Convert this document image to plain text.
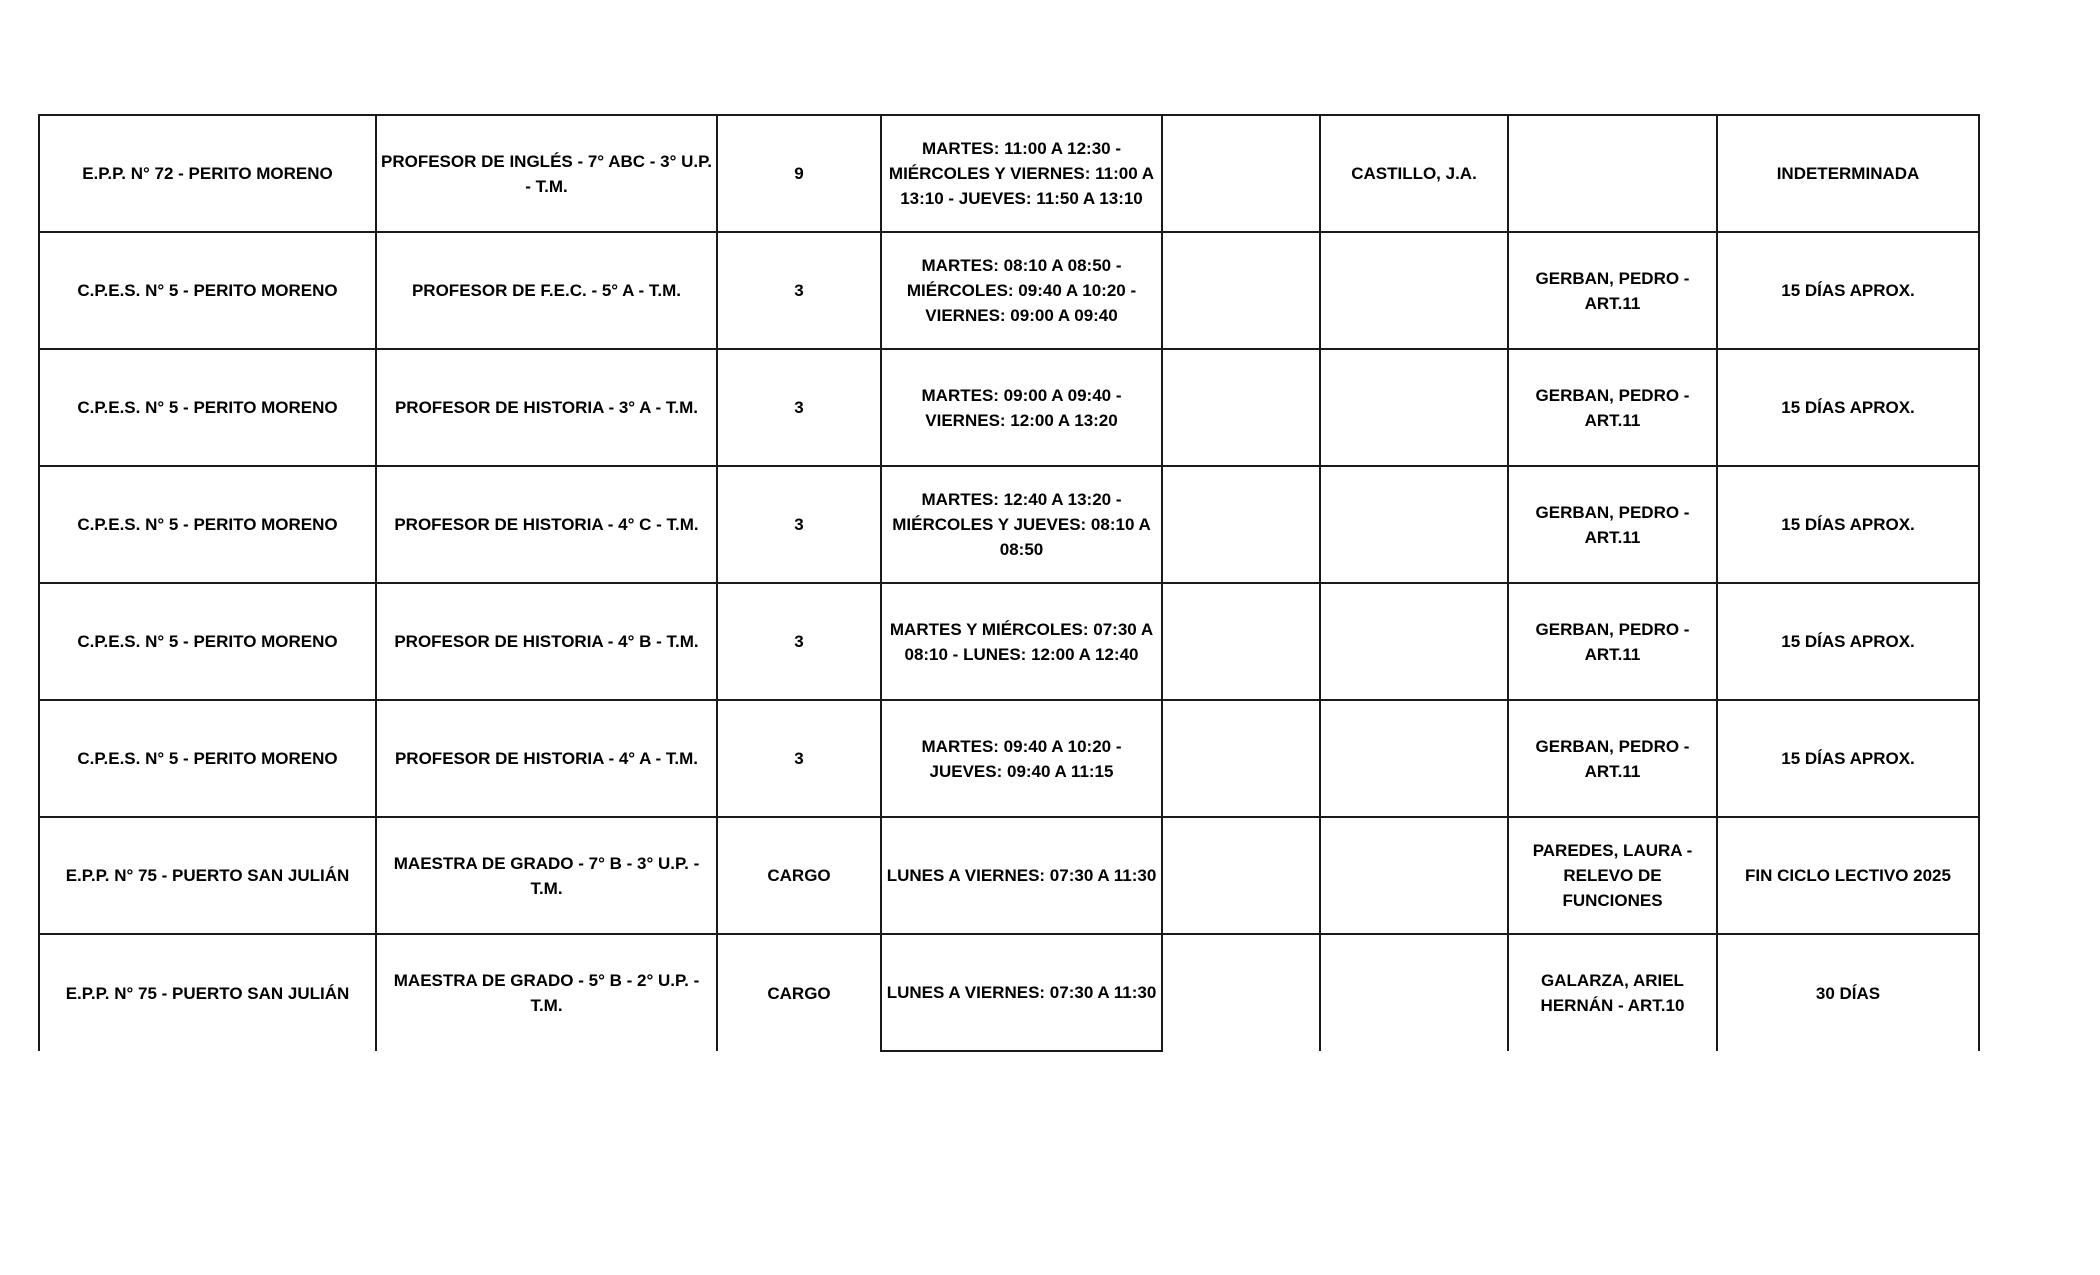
E.P.P. N° 72 - PERITO MORENO	PROFESOR DE INGLÉS - 7° ABC - 3° U.P. - T.M.	9	MARTES: 11:00 A 12:30 - MIÉRCOLES Y VIERNES: 11:00 A 13:10 - JUEVES: 11:50 A 13:10		CASTILLO, J.A.		INDETERMINADA
C.P.E.S. N° 5 - PERITO MORENO	PROFESOR DE F.E.C. - 5° A - T.M.	3	MARTES: 08:10 A 08:50 - MIÉRCOLES: 09:40 A 10:20 - VIERNES: 09:00 A 09:40			GERBAN, PEDRO - ART.11	15 DÍAS APROX.
C.P.E.S. N° 5 - PERITO MORENO	PROFESOR DE HISTORIA - 3° A - T.M.	3	MARTES: 09:00 A 09:40 - VIERNES: 12:00 A 13:20			GERBAN, PEDRO - ART.11	15 DÍAS APROX.
C.P.E.S. N° 5 - PERITO MORENO	PROFESOR DE HISTORIA - 4° C - T.M.	3	MARTES: 12:40 A 13:20 - MIÉRCOLES Y JUEVES: 08:10 A 08:50			GERBAN, PEDRO - ART.11	15 DÍAS APROX.
C.P.E.S. N° 5 - PERITO MORENO	PROFESOR DE HISTORIA - 4° B - T.M.	3	MARTES Y MIÉRCOLES: 07:30 A 08:10 - LUNES: 12:00 A 12:40			GERBAN, PEDRO - ART.11	15 DÍAS APROX.
C.P.E.S. N° 5 - PERITO MORENO	PROFESOR DE HISTORIA - 4° A - T.M.	3	MARTES: 09:40 A 10:20 - JUEVES: 09:40 A 11:15			GERBAN, PEDRO - ART.11	15 DÍAS APROX.
E.P.P. N° 75 - PUERTO SAN JULIÁN	MAESTRA DE GRADO - 7° B - 3° U.P. - T.M.	CARGO	LUNES A VIERNES: 07:30 A 11:30			PAREDES, LAURA - RELEVO DE FUNCIONES	FIN CICLO LECTIVO 2025
E.P.P. N° 75 - PUERTO SAN JULIÁN	MAESTRA DE GRADO - 5° B - 2° U.P. - T.M.	CARGO	LUNES A VIERNES: 07:30 A 11:30			GALARZA, ARIEL HERNÁN - ART.10	30 DÍAS
